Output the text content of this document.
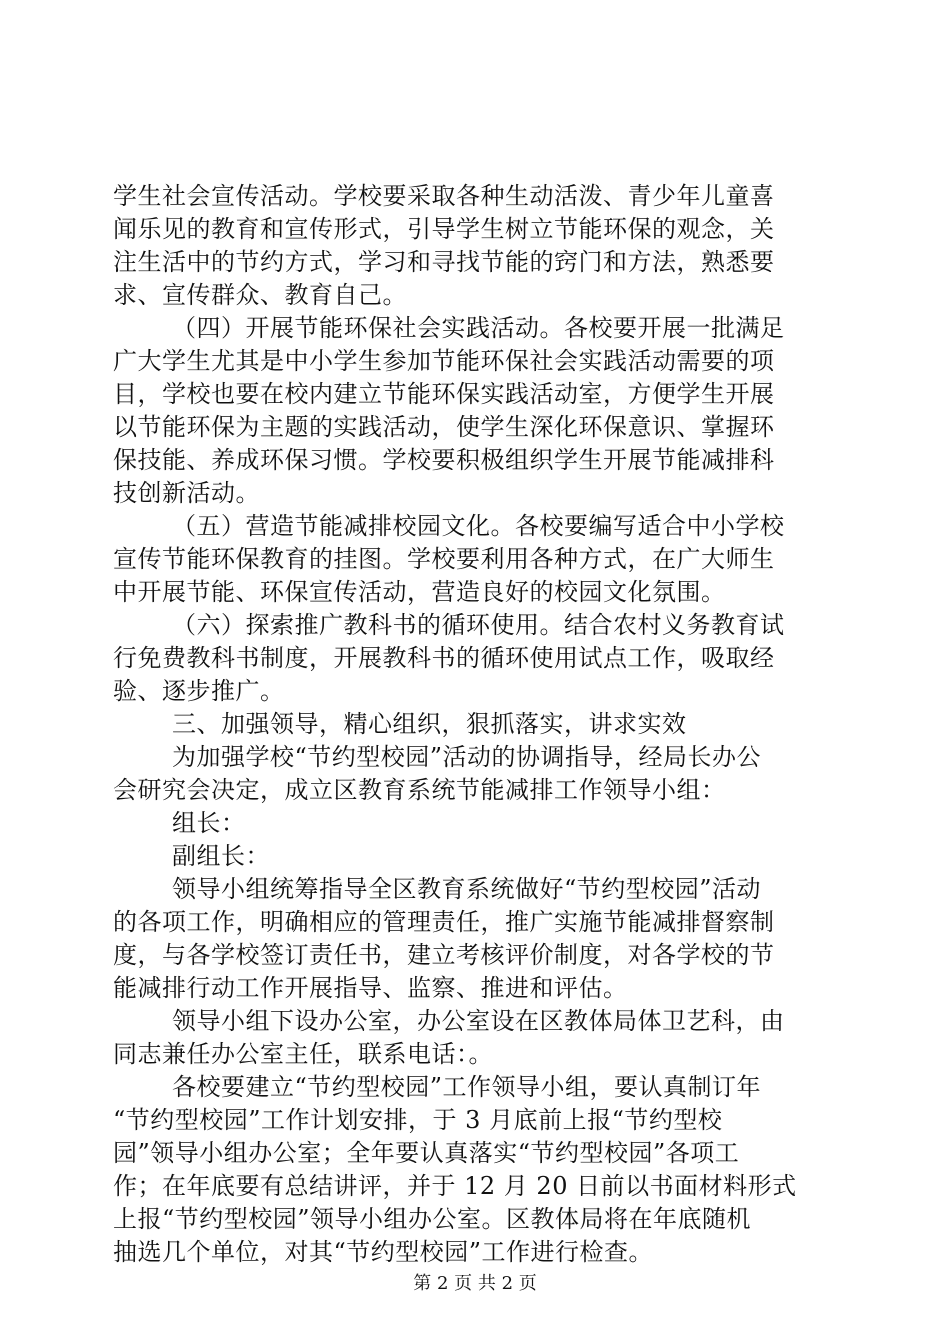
学生社会宣传活动。学校要采取各种生动活泼、青少年儿童喜
闻乐见的教育和宣传形式，引导学生树立节能环保的观念，关
注生活中的节约方式，学习和寻找节能的窍门和方法，熟悉要
求、宣传群众、教育自己。
（四）开展节能环保社会实践活动。各校要开展一批满足
广大学生尤其是中小学生参加节能环保社会实践活动需要的项
目，学校也要在校内建立节能环保实践活动室，方便学生开展
以节能环保为主题的实践活动，使学生深化环保意识、掌握环
保技能、养成环保习惯。学校要积极组织学生开展节能减排科
技创新活动。
（五）营造节能减排校园文化。各校要编写适合中小学校
宣传节能环保教育的挂图。学校要利用各种方式，在广大师生
中开展节能、环保宣传活动，营造良好的校园文化氛围。
（六）探索推广教科书的循环使用。结合农村义务教育试
行免费教科书制度，开展教科书的循环使用试点工作，吸取经
验、逐步推广。
三、加强领导，精心组织，狠抓落实，讲求实效
为加强学校“节约型校园”活动的协调指导，经局长办公
会研究会决定，成立区教育系统节能减排工作领导小组：
组长：
副组长：
领导小组统筹指导全区教育系统做好“节约型校园”活动
的各项工作，明确相应的管理责任，推广实施节能减排督察制
度，与各学校签订责任书，建立考核评价制度，对各学校的节
能减排行动工作开展指导、监察、推进和评估。
领导小组下设办公室，办公室设在区教体局体卫艺科，由
同志兼任办公室主任，联系电话：。
各校要建立“节约型校园”工作领导小组，要认真制订年
“节约型校园”工作计划安排，于 3 月底前上报“节约型校
园”领导小组办公室；全年要认真落实“节约型校园”各项工
作；在年底要有总结讲评，并于 12 月 20 日前以书面材料形式
上报“节约型校园”领导小组办公室。区教体局将在年底随机
抽选几个单位，对其“节约型校园”工作进行检查。
第 2 页 共 2 页
